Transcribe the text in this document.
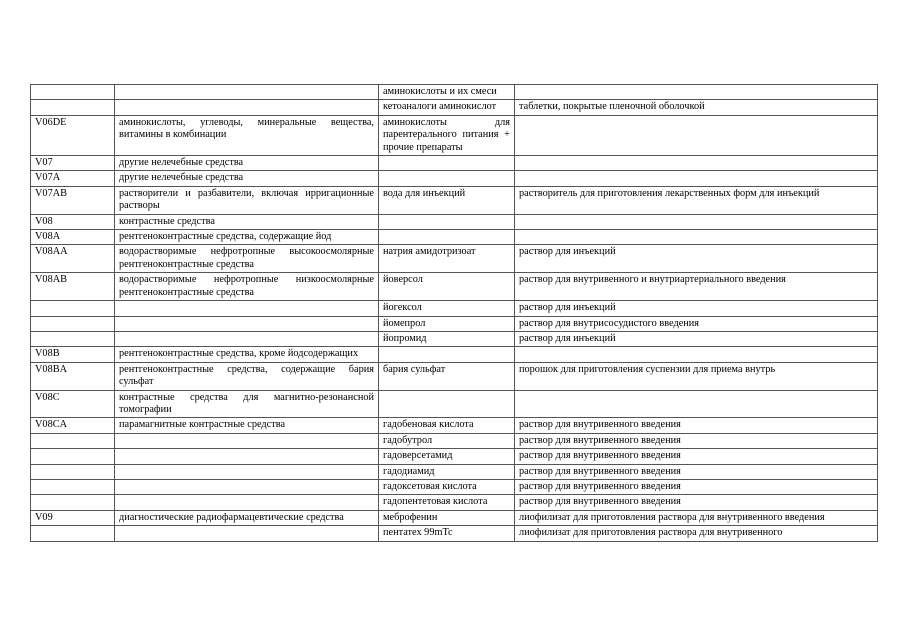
		аминокислоты и их смеси	
		кетоаналоги аминокислот	таблетки, покрытые пленочной оболочкой
V06DE	аминокислоты, углеводы, минеральные вещества, витамины в комбинации	аминокислоты для парентерального питания + прочие препараты	
V07	другие нелечебные средства		
V07A	другие нелечебные средства		
V07AB	растворители и разбавители, включая ирригационные растворы	вода для инъекций	растворитель для приготовления лекарственных форм для инъекций
V08	контрастные средства		
V08A	рентгеноконтрастные средства, содержащие йод		
V08AA	водорастворимые нефротропные высокоосмолярные рентгеноконтрастные средства	натрия амидотризоат	раствор для инъекций
V08AB	водорастворимые нефротропные низкоосмолярные рентгеноконтрастные средства	йоверсол	раствор для внутривенного и внутриартериального введения
		йогексол	раствор для инъекций
		йомепрол	раствор для внутрисосудистого введения
		йопромид	раствор для инъекций
V08B	рентгеноконтрастные средства, кроме йодсодержащих		
V08BA	рентгеноконтрастные средства, содержащие бария сульфат	бария сульфат	порошок для приготовления суспензии для приема внутрь
V08C	контрастные средства для магнитно-резонансной томографии		
V08CA	парамагнитные контрастные средства	гадобеновая кислота	раствор для внутривенного введения
		гадобутрол	раствор для внутривенного введения
		гадоверсетамид	раствор для внутривенного введения
		гадодиамид	раствор для внутривенного введения
		гадоксетовая кислота	раствор для внутривенного введения
		гадопентетовая кислота	раствор для внутривенного введения
V09	диагностические радиофармацевтические средства	меброфенин	лиофилизат для приготовления раствора для внутривенного введения
		пентатех 99mTc	лиофилизат для приготовления раствора для внутривенного
